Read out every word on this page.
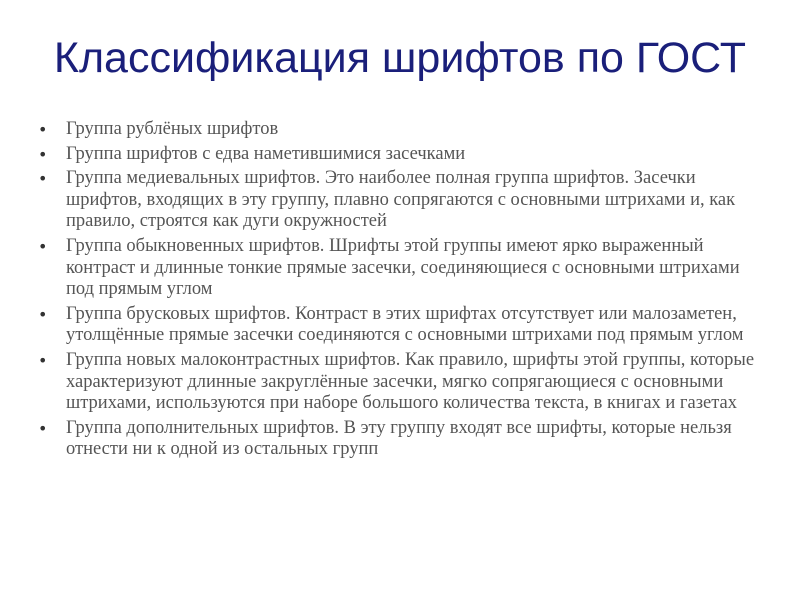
Классификация шрифтов по ГОСТ
• Группа рублёных шрифтов
• Группа шрифтов с едва наметившимися засечками
• Группа медиевальных шрифтов. Это наиболее полная группа шрифтов. Засечки шрифтов, входящих в эту группу, плавно сопрягаются с основными штрихами и, как правило, строятся как дуги окружностей
• Группа обыкновенных шрифтов. Шрифты этой группы имеют ярко выраженный контраст и длинные тонкие прямые засечки, соединяющиеся с основными штрихами под прямым углом
• Группа брусковых шрифтов. Контраст в этих шрифтах отсутствует или малозаметен, утолщённые прямые засечки соединяются с основными штрихами под прямым углом
• Группа новых малоконтрастных шрифтов. Как правило, шрифты этой группы, которые характеризуют длинные закруглённые засечки, мягко сопрягающиеся с основными штрихами, используются при наборе большого количества текста, в книгах и газетах
• Группа дополнительных шрифтов. В эту группу входят все шрифты, которые нельзя отнести ни к одной из остальных групп
